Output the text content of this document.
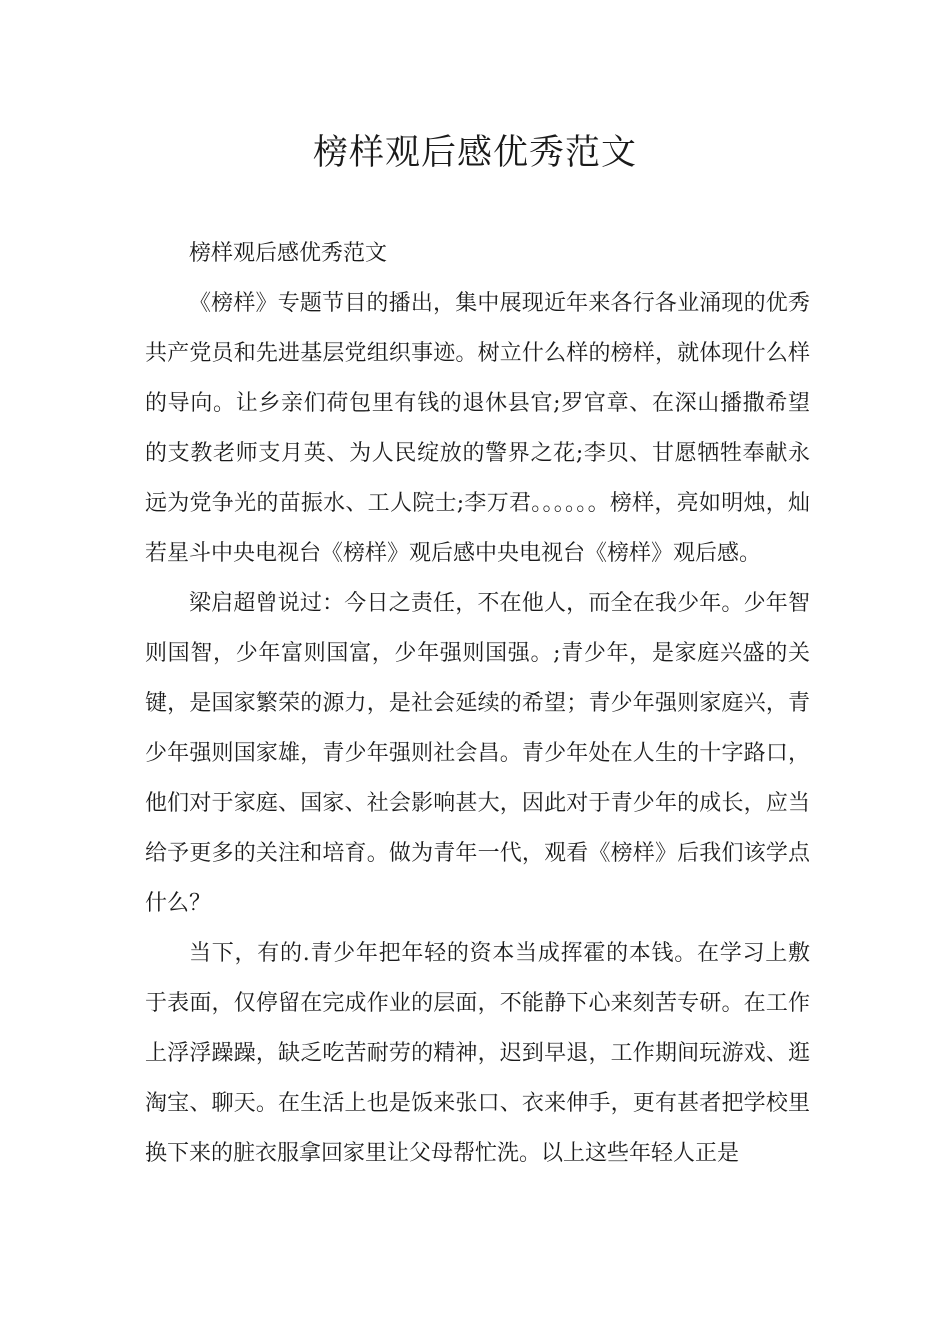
榜样观后感优秀范文

榜样观后感优秀范文

《榜样》专题节目的播出，集中展现近年来各行各业涌现的优秀共产党员和先进基层党组织事迹。树立什么样的榜样，就体现什么样的导向。让乡亲们荷包里有钱的退休县官;罗官章、在深山播撒希望的支教老师支月英、为人民绽放的警界之花;李贝、甘愿牺牲奉献永远为党争光的苗振水、工人院士;李万君。。。。。。榜样，亮如明烛，灿若星斗中央电视台《榜样》观后感中央电视台《榜样》观后感。

梁启超曾说过：今日之责任，不在他人，而全在我少年。少年智则国智，少年富则国富，少年强则国强。;青少年，是家庭兴盛的关键，是国家繁荣的源力，是社会延续的希望；青少年强则家庭兴，青少年强则国家雄，青少年强则社会昌。青少年处在人生的十字路口，他们对于家庭、国家、社会影响甚大，因此对于青少年的成长，应当给予更多的关注和培育。做为青年一代，观看《榜样》后我们该学点什么？

当下，有的.青少年把年轻的资本当成挥霍的本钱。在学习上敷于表面，仅停留在完成作业的层面，不能静下心来刻苦专研。在工作上浮浮躁躁，缺乏吃苦耐劳的精神，迟到早退，工作期间玩游戏、逛淘宝、聊天。在生活上也是饭来张口、衣来伸手，更有甚者把学校里换下来的脏衣服拿回家里让父母帮忙洗。以上这些年轻人正是
